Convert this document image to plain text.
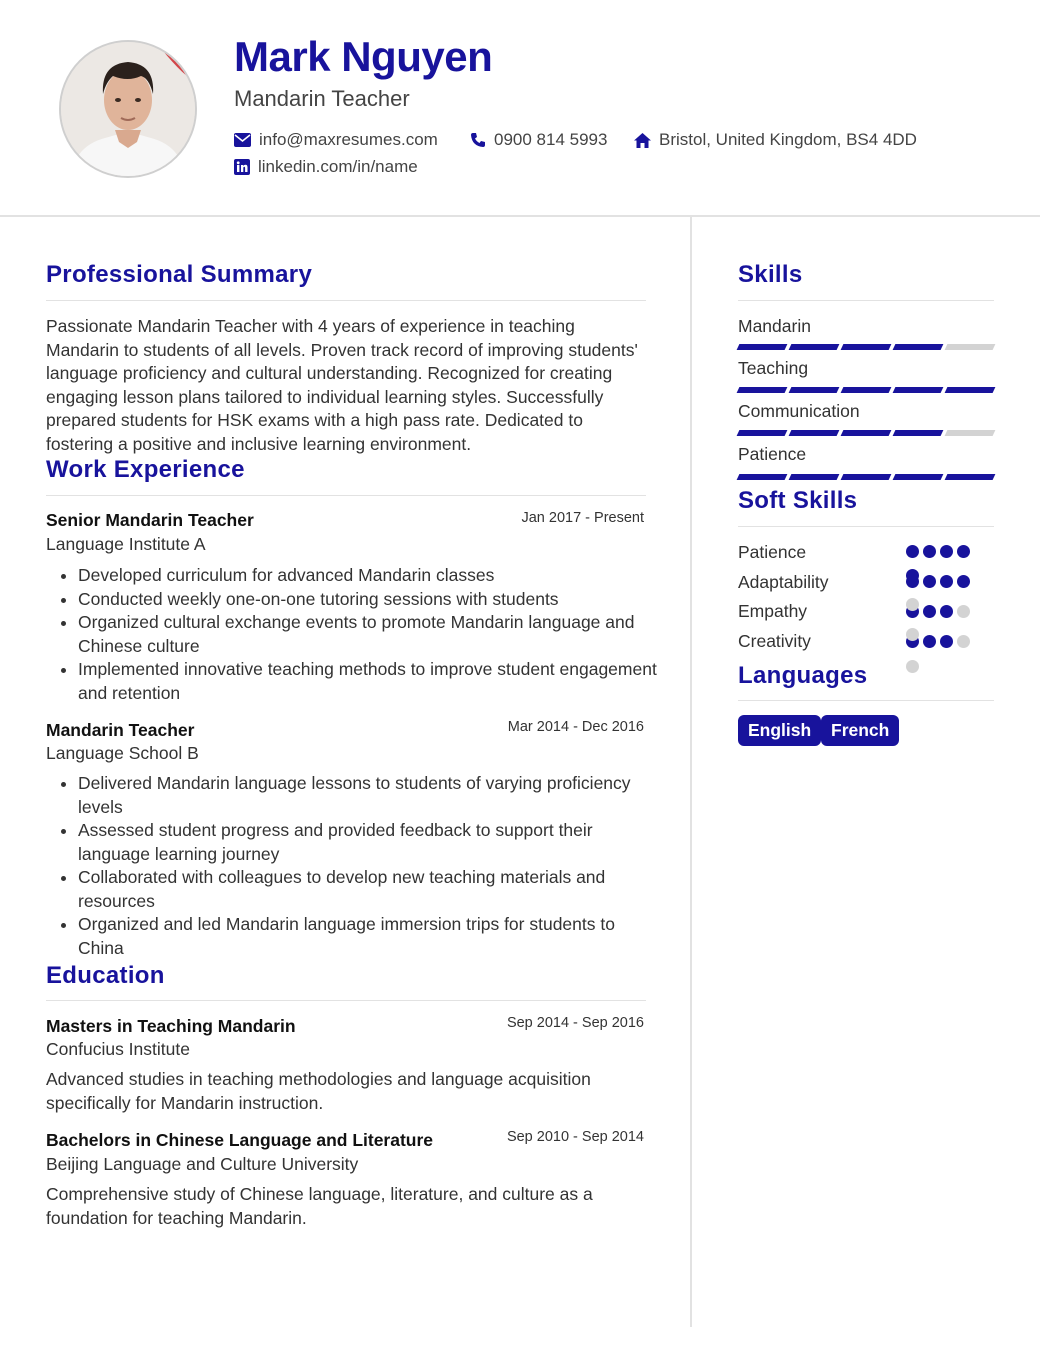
Mark Nguyen
Mandarin Teacher
info@maxresumes.com	0900 814 5993	Bristol, United Kingdom, BS4 4DD
linkedin.com/in/name
Professional Summary
Passionate Mandarin Teacher with 4 years of experience in teaching Mandarin to students of all levels. Proven track record of improving students' language proficiency and cultural understanding. Recognized for creating engaging lesson plans tailored to individual learning styles. Successfully prepared students for HSK exams with a high pass rate. Dedicated to fostering a positive and inclusive learning environment.
Work Experience
Senior Mandarin Teacher	Jan 2017 - Present
Language Institute A
• Developed curriculum for advanced Mandarin classes
• Conducted weekly one-on-one tutoring sessions with students
• Organized cultural exchange events to promote Mandarin language and Chinese culture
• Implemented innovative teaching methods to improve student engagement and retention
Mandarin Teacher	Mar 2014 - Dec 2016
Language School B
• Delivered Mandarin language lessons to students of varying proficiency levels
• Assessed student progress and provided feedback to support their language learning journey
• Collaborated with colleagues to develop new teaching materials and resources
• Organized and led Mandarin language immersion trips for students to China
Education
Masters in Teaching Mandarin	Sep 2014 - Sep 2016
Confucius Institute
Advanced studies in teaching methodologies and language acquisition specifically for Mandarin instruction.
Bachelors in Chinese Language and Literature	Sep 2010 - Sep 2014
Beijing Language and Culture University
Comprehensive study of Chinese language, literature, and culture as a foundation for teaching Mandarin.
Skills
Mandarin
Teaching
Communication
Patience
Soft Skills
Patience
Adaptability
Empathy
Creativity
Languages
English	French
